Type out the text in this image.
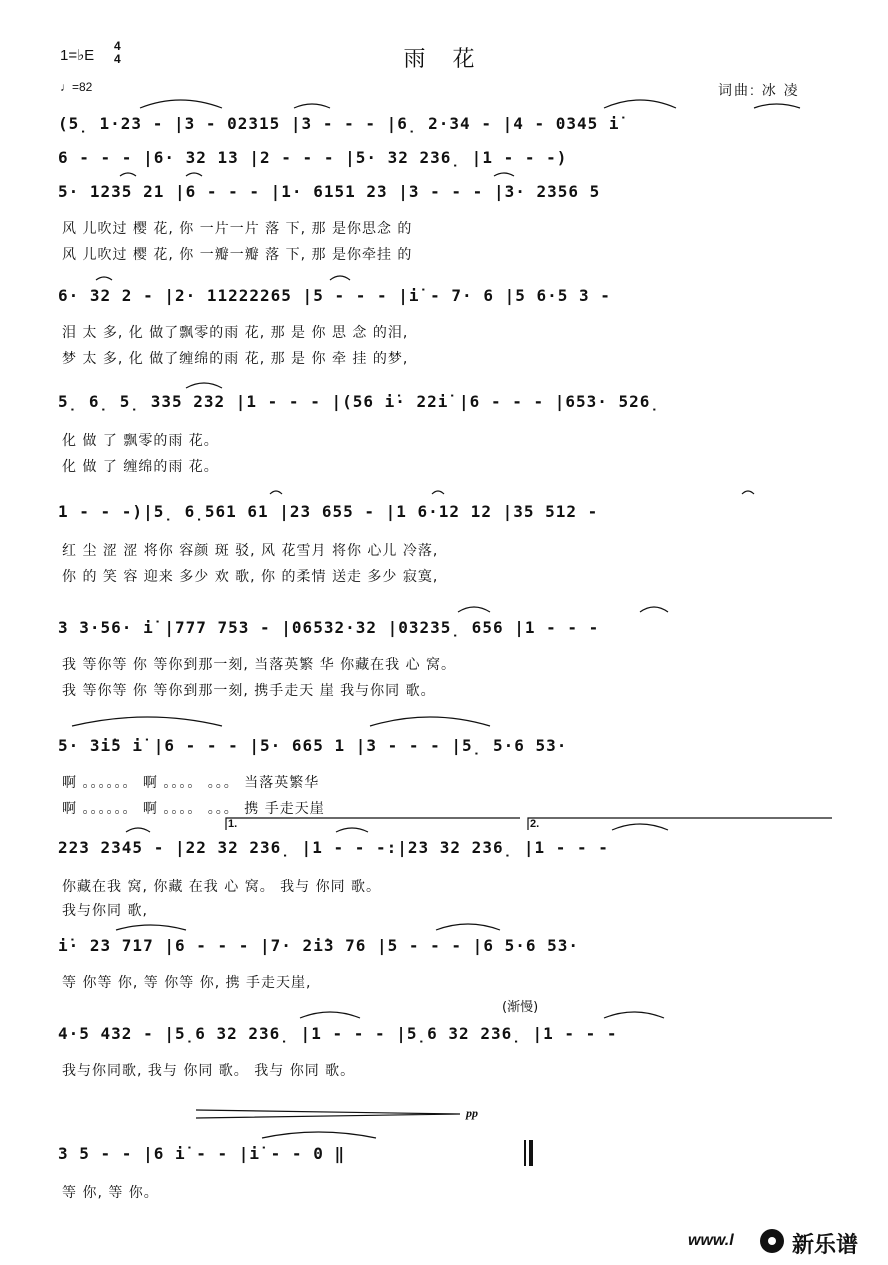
1=♭E
4
4	雨 花
♩=82	词曲: 冰 凌
(5̣ 1·23 - |3 - 02315 |3 - - - |6̣ 2·34 - |4 - 0345 i̇
6 - - - |6· 32 13 |2 - - - |5· 32 236̣ |1 - - -)
5· 1235 21 |6 - - - |1· 6151 23 |3 - - - |3· 2356 5
风 儿吹过 樱 花, 你 一片一片 落 下, 那 是你思念 的
风 儿吹过 樱 花, 你 一瓣一瓣 落 下, 那 是你牵挂 的
6· 32 2 - |2· 11222265 |5 - - - |i̇ - 7· 6 |5 6·5 3 -
泪 太 多, 化 做了飘零的雨 花, 那 是 你 思 念 的泪,
梦 太 多, 化 做了缠绵的雨 花, 那 是 你 牵 挂 的梦,
5̣ 6̣ 5̣ 335 232 |1 - - - |(56 i̇· 22i̇ |6 - - - |653· 526̣
化 做 了 飘零的雨 花。
化 做 了 缠绵的雨 花。
1 - - -)|5̣ 6̣561 61 |23 655 - |1 6·12 12 |35 512 -
红 尘 涩 涩 将你 容颜 斑 驳, 风 花雪月 将你 心儿 冷落,
你 的 笑 容 迎来 多少 欢 歌, 你 的柔情 送走 多少 寂寞,
3 3·56· i̇ |777 753 - |06532·32 |03235̣ 656 |1 - - -
我 等你等 你 等你到那一刻, 当落英繁 华 你藏在我 心 窝。
我 等你等 你 等你到那一刻, 携手走天 崖 我与你同 歌。
5· 3i̇5 i̇ |6 - - - |5· 665 1 |3 - - - |5̣ 5·6 53·
啊 。。。。。。 啊 。。。。 。。。 当落英繁华
啊 。。。。。。 啊 。。。。 。。。 携 手走天崖
223 2345 - |22 32 236̣ |1 - - -:|23 32 236̣ |1 - - -
1.	2.
你藏在我 窝, 你藏 在我 心 窝。 我与 你同 歌。
我与你同 歌,
i̇· 23 717 |6 - - - |7· 2i̇3 76 |5 - - - |6 5·6 53·
等 你等 你, 等 你等 你, 携 手走天崖,
(渐慢)
4·5 432 - |5̣6 32 236̣ |1 - - - |5̣6 32 236̣ |1 - - -
我与你同歌, 我与 你同 歌。 我与 你同 歌。
pp
3 5 - - |6 i̇ - - |i̇ - - 0 ‖
等 你, 等 你。
www.l	新乐谱
